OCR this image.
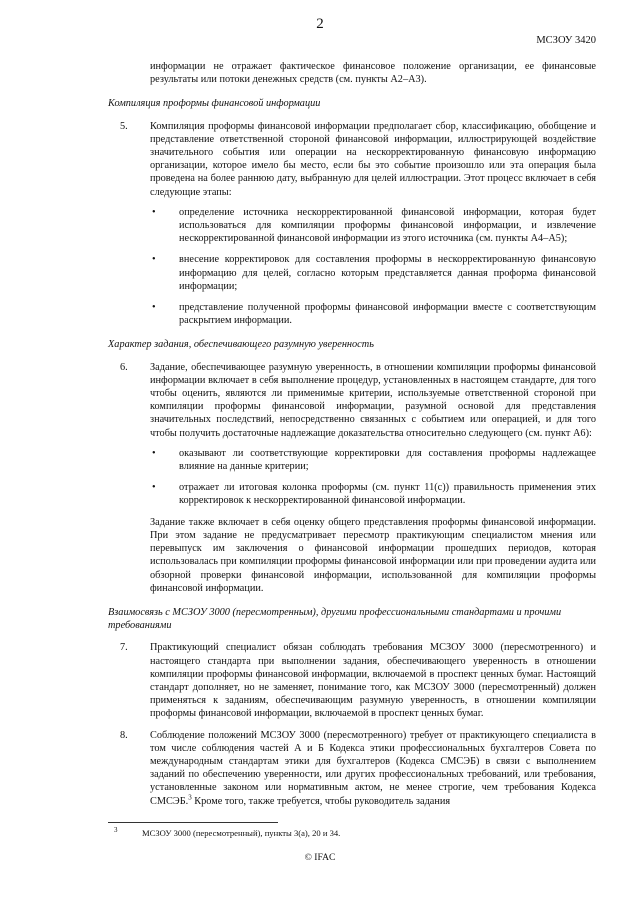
2
МСЗОУ 3420

информации не отражает фактическое финансовое положение организации, ее финансовые результаты или потоки денежных средств (см. пункты А2–А3).

Компиляция проформы финансовой информации

5. Компиляция проформы финансовой информации предполагает сбор, классификацию, обобщение и представление ответственной стороной финансовой информации, иллюстрирующей воздействие значительного события или операции на нескорректированную финансовую информацию организации, которое имело бы место, если бы это событие произошло или эта операция была проведена на более раннюю дату, выбранную для целей иллюстрации. Этот процесс включает в себя следующие этапы:

• определение источника нескорректированной финансовой информации, которая будет использоваться для компиляции проформы финансовой информации, и извлечение нескорректированной финансовой информации из этого источника (см. пункты А4–А5);

• внесение корректировок для составления проформы в нескорректированную финансовую информацию для целей, согласно которым представляется данная проформа финансовой информации;

• представление полученной проформы финансовой информации вместе с соответствующим раскрытием информации.

Характер задания, обеспечивающего разумную уверенность

6. Задание, обеспечивающее разумную уверенность, в отношении компиляции проформы финансовой информации включает в себя выполнение процедур, установленных в настоящем стандарте, для того чтобы оценить, являются ли применимые критерии, используемые ответственной стороной при компиляции проформы финансовой информации, разумной основой для представления значительных последствий, непосредственно связанных с событием или операцией, и для того чтобы получить достаточные надлежащие доказательства относительно следующего (см. пункт А6):

• оказывают ли соответствующие корректировки для составления проформы надлежащее влияние на данные критерии;

• отражает ли итоговая колонка проформы (см. пункт 11(с)) правильность применения этих корректировок к нескорректированной финансовой информации.

Задание также включает в себя оценку общего представления проформы финансовой информации. При этом задание не предусматривает пересмотр практикующим специалистом мнения или перевыпуск им заключения о финансовой информации прошедших периодов, которая использовалась при компиляции проформы финансовой информации или при проведении аудита или обзорной проверки финансовой информации, использованной для компиляции проформы финансовой информации.

Взаимосвязь с МСЗОУ 3000 (пересмотренным), другими профессиональными стандартами и прочими требованиями

7. Практикующий специалист обязан соблюдать требования МСЗОУ 3000 (пересмотренного) и настоящего стандарта при выполнении задания, обеспечивающего уверенность в отношении компиляции проформы финансовой информации, включаемой в проспект ценных бумаг. Настоящий стандарт дополняет, но не заменяет, понимание того, как МСЗОУ 3000 (пересмотренный) должен применяться к заданиям, обеспечивающим разумную уверенность, в отношении компиляции проформы финансовой информации, включаемой в проспект ценных бумаг.

8. Соблюдение положений МСЗОУ 3000 (пересмотренного) требует от практикующего специалиста в том числе соблюдения частей А и Б Кодекса этики профессиональных бухгалтеров Совета по международным стандартам этики для бухгалтеров (Кодекса СМСЭБ) в связи с выполнением заданий по обеспечению уверенности, или других профессиональных требований, или требования, установленные законом или нормативным актом, не менее строгие, чем требования Кодекса СМСЭБ.$^3$ Кроме того, также требуется, чтобы руководитель задания

$^3$	МСЗОУ 3000 (пересмотренный), пункты 3(а), 20 и 34.
© IFAC
